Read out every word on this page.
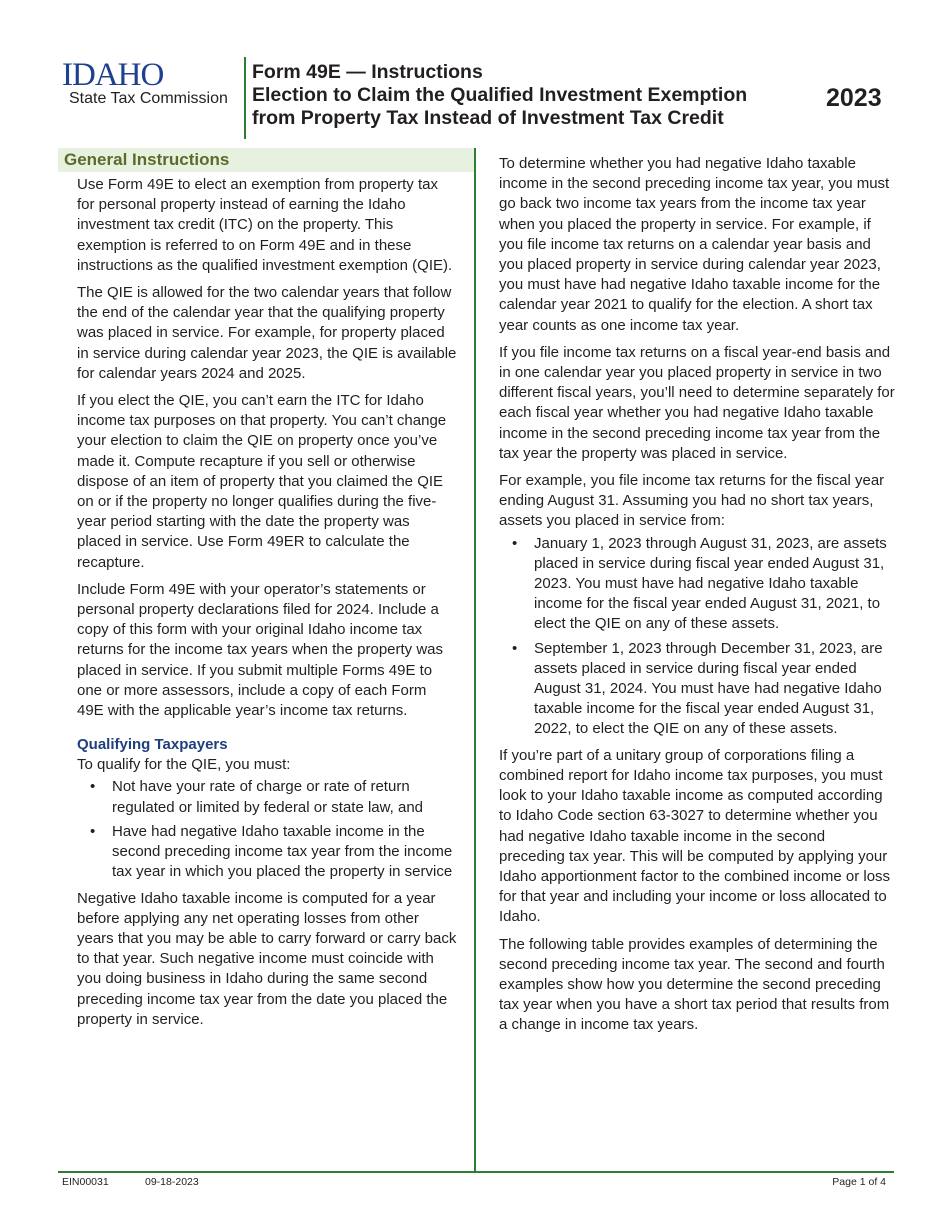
IDAHO
State Tax Commission
Form 49E — Instructions
Election to Claim the Qualified Investment Exemption
from Property Tax Instead of Investment Tax Credit
2023
General Instructions

Use Form 49E to elect an exemption from property tax for personal property instead of earning the Idaho investment tax credit (ITC) on the property. This exemption is referred to on Form 49E and in these instructions as the qualified investment exemption (QIE).

The QIE is allowed for the two calendar years that follow the end of the calendar year that the qualifying property was placed in service. For example, for property placed in service during calendar year 2023, the QIE is available for calendar years 2024 and 2025.

If you elect the QIE, you can’t earn the ITC for Idaho income tax purposes on that property. You can’t change your election to claim the QIE on property once you’ve made it. Compute recapture if you sell or otherwise dispose of an item of property that you claimed the QIE on or if the property no longer qualifies during the five-year period starting with the date the property was placed in service. Use Form 49ER to calculate the recapture.

Include Form 49E with your operator’s statements or personal property declarations filed for 2024. Include a copy of this form with your original Idaho income tax returns for the income tax years when the property was placed in service. If you submit multiple Forms 49E to one or more assessors, include a copy of each Form 49E with the applicable year’s income tax returns.

Qualifying Taxpayers

To qualify for the QIE, you must:

• Not have your rate of charge or rate of return regulated or limited by federal or state law, and
• Have had negative Idaho taxable income in the second preceding income tax year from the income tax year in which you placed the property in service

Negative Idaho taxable income is computed for a year before applying any net operating losses from other years that you may be able to carry forward or carry back to that year. Such negative income must coincide with you doing business in Idaho during the same second preceding income tax year from the date you placed the property in service.

To determine whether you had negative Idaho taxable income in the second preceding income tax year, you must go back two income tax years from the income tax year when you placed the property in service. For example, if you file income tax returns on a calendar year basis and you placed property in service during calendar year 2023, you must have had negative Idaho taxable income for the calendar year 2021 to qualify for the election. A short tax year counts as one income tax year.

If you file income tax returns on a fiscal year-end basis and in one calendar year you placed property in service in two different fiscal years, you’ll need to determine separately for each fiscal year whether you had negative Idaho taxable income in the second preceding income tax year from the tax year the property was placed in service.

For example, you file income tax returns for the fiscal year ending August 31. Assuming you had no short tax years, assets you placed in service from:

• January 1, 2023 through August 31, 2023, are assets placed in service during fiscal year ended August 31, 2023. You must have had negative Idaho taxable income for the fiscal year ended August 31, 2021, to elect the QIE on any of these assets.
• September 1, 2023 through December 31, 2023, are assets placed in service during fiscal year ended August 31, 2024. You must have had negative Idaho taxable income for the fiscal year ended August 31, 2022, to elect the QIE on any of these assets.

If you’re part of a unitary group of corporations filing a combined report for Idaho income tax purposes, you must look to your Idaho taxable income as computed according to Idaho Code section 63-3027 to determine whether you had negative Idaho taxable income in the second preceding tax year. This will be computed by applying your Idaho apportionment factor to the combined income or loss for that year and including your income or loss allocated to Idaho.

The following table provides examples of determining the second preceding income tax year. The second and fourth examples show how you determine the second preceding tax year when you have a short tax period that results from a change in income tax years.

EIN00031	09-18-2023	Page 1 of 4
